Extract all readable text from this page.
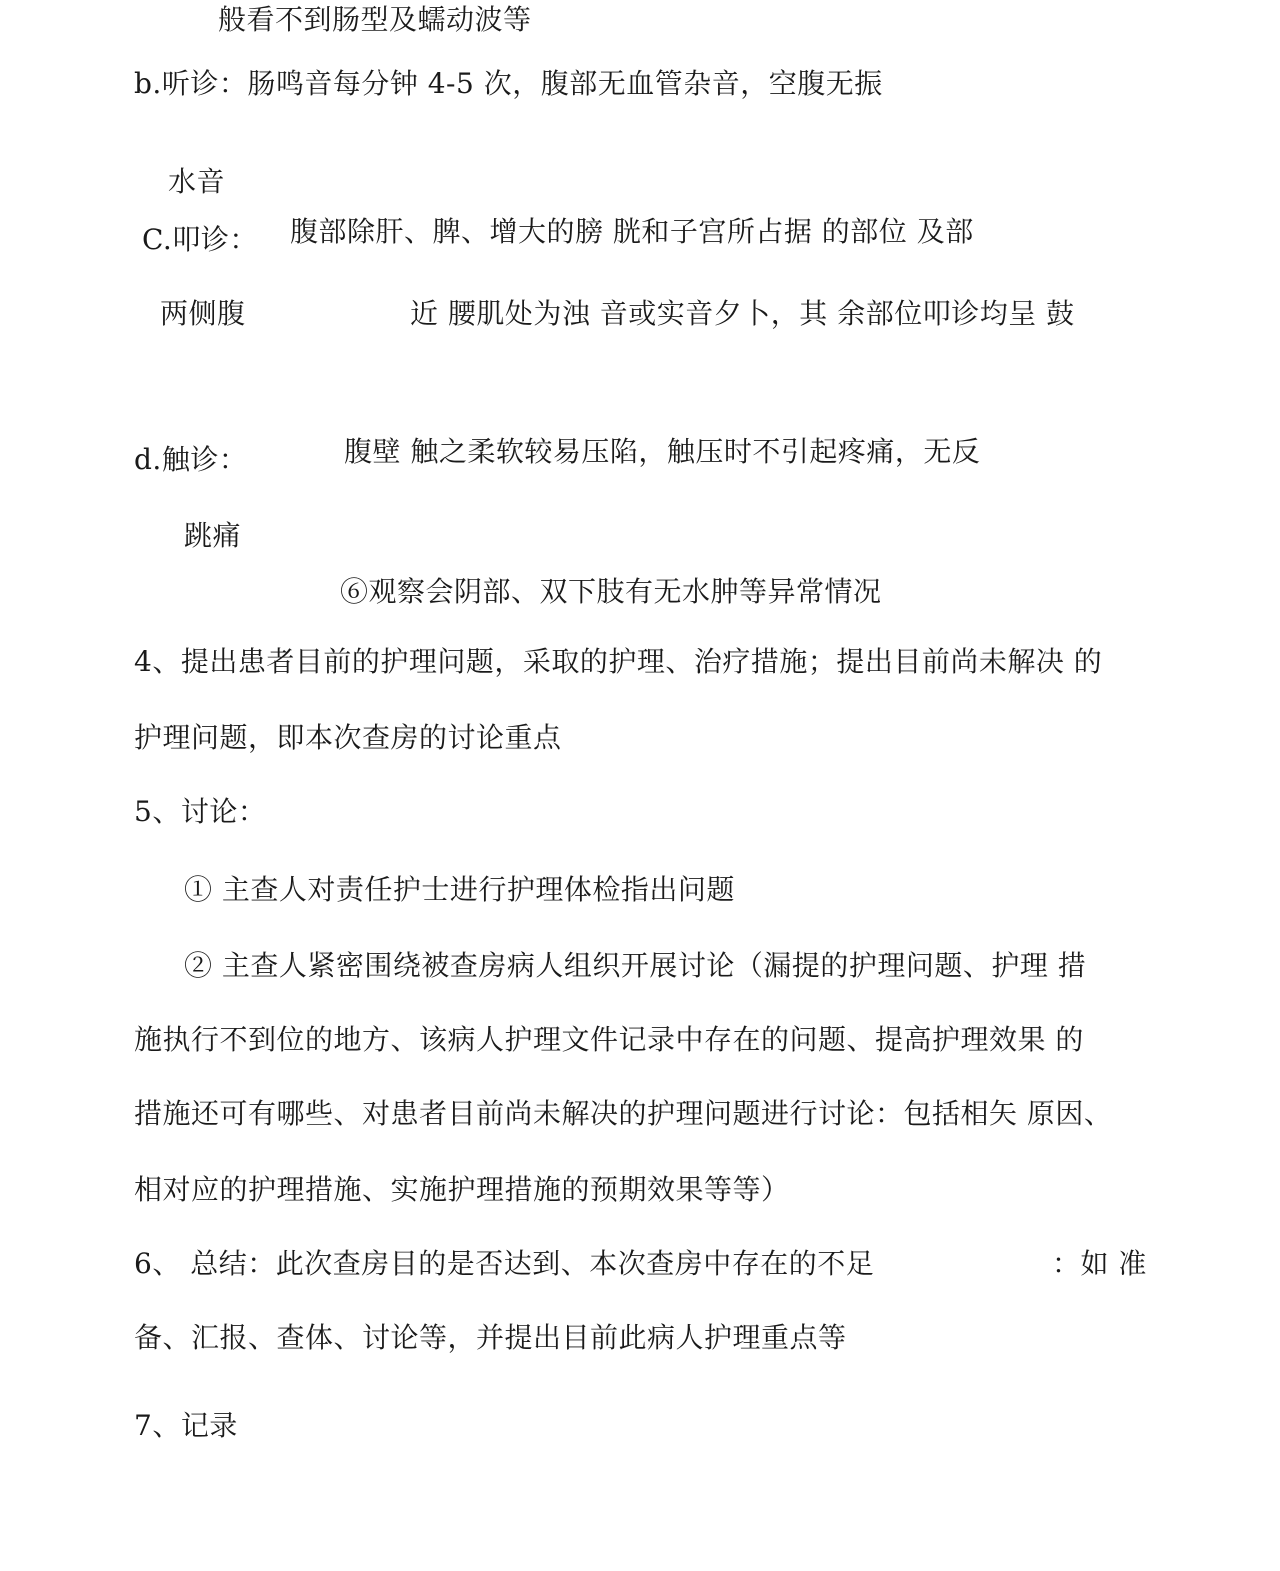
般看不到肠型及蠕动波等
b.听诊：肠鸣音每分钟 4-5 次，腹部无血管杂音，空腹无振
水音
C.叩诊： 腹部除肝、脾、增大的膀 胱和子宫所占据 的部位 及部
两侧腹	近 腰肌处为浊 音或实音夕卜，其 余部位叩诊均呈 鼓
d.触诊：	腹壁 触之柔软较易压陷，触压时不引起疼痛，无反
跳痛
⑥观察会阴部、双下肢有无水肿等异常情况
4、提出患者目前的护理问题，采取的护理、治疗措施；提出目前尚未解决 的
护理问题，即本次查房的讨论重点
5、讨论：
① 主查人对责任护士进行护理体检指出问题
② 主查人紧密围绕被查房病人组织开展讨论（漏提的护理问题、护理 措
施执行不到位的地方、该病人护理文件记录中存在的问题、提高护理效果 的
措施还可有哪些、对患者目前尚未解决的护理问题进行讨论：包括相矢 原因、
相对应的护理措施、实施护理措施的预期效果等等）
6、 总结：此次查房目的是否达到、本次查房中存在的不足	：如 准
备、汇报、查体、讨论等，并提出目前此病人护理重点等
7、记录
